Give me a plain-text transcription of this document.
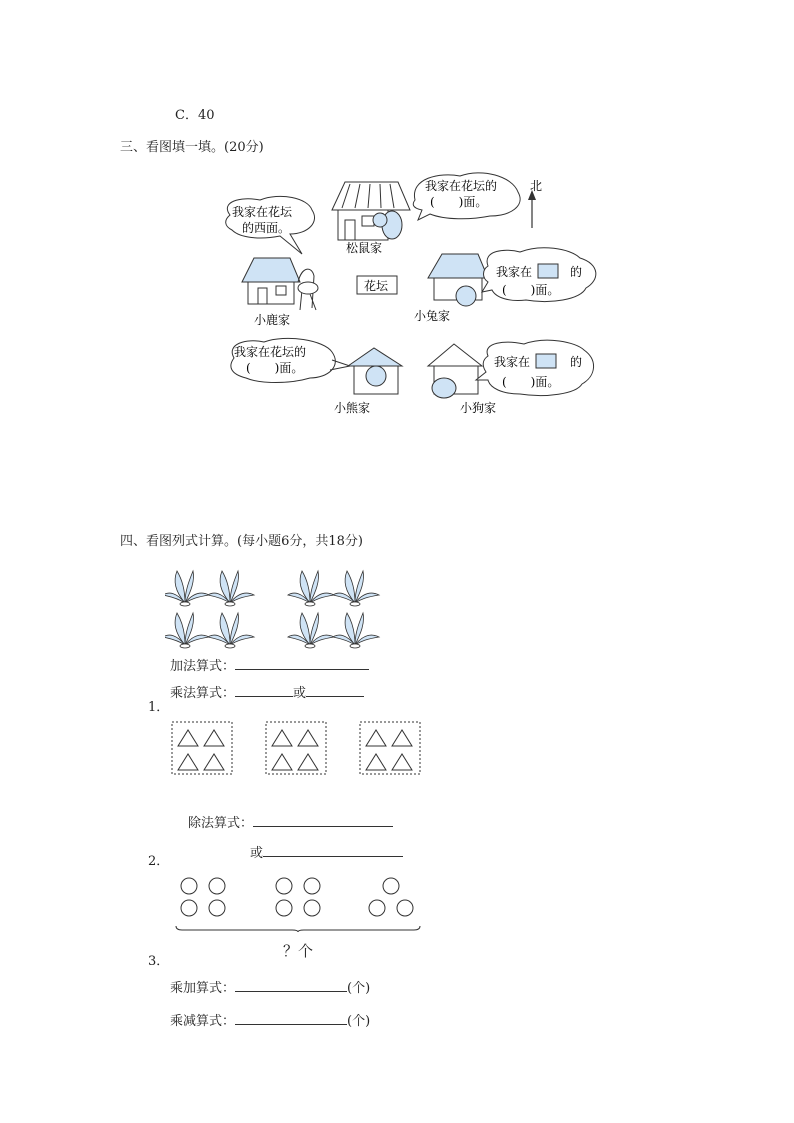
C．40
三、看图填一填。(20分)
北
花坛
松鼠家
我家在花坛的
(　　)面。
我家在花坛
的西面。
小鹿家	小兔家
我家在	的
(　　)面。
我家在花坛的
(　　)面。
小熊家	小狗家
我家在	的
(　　)面。
四、看图列式计算。(每小题6分，共18分)
加法算式：
乘法算式：	或
1．
除法算式：
或
2．
？个
3．
乘加算式：	(个)
乘减算式：	(个)
